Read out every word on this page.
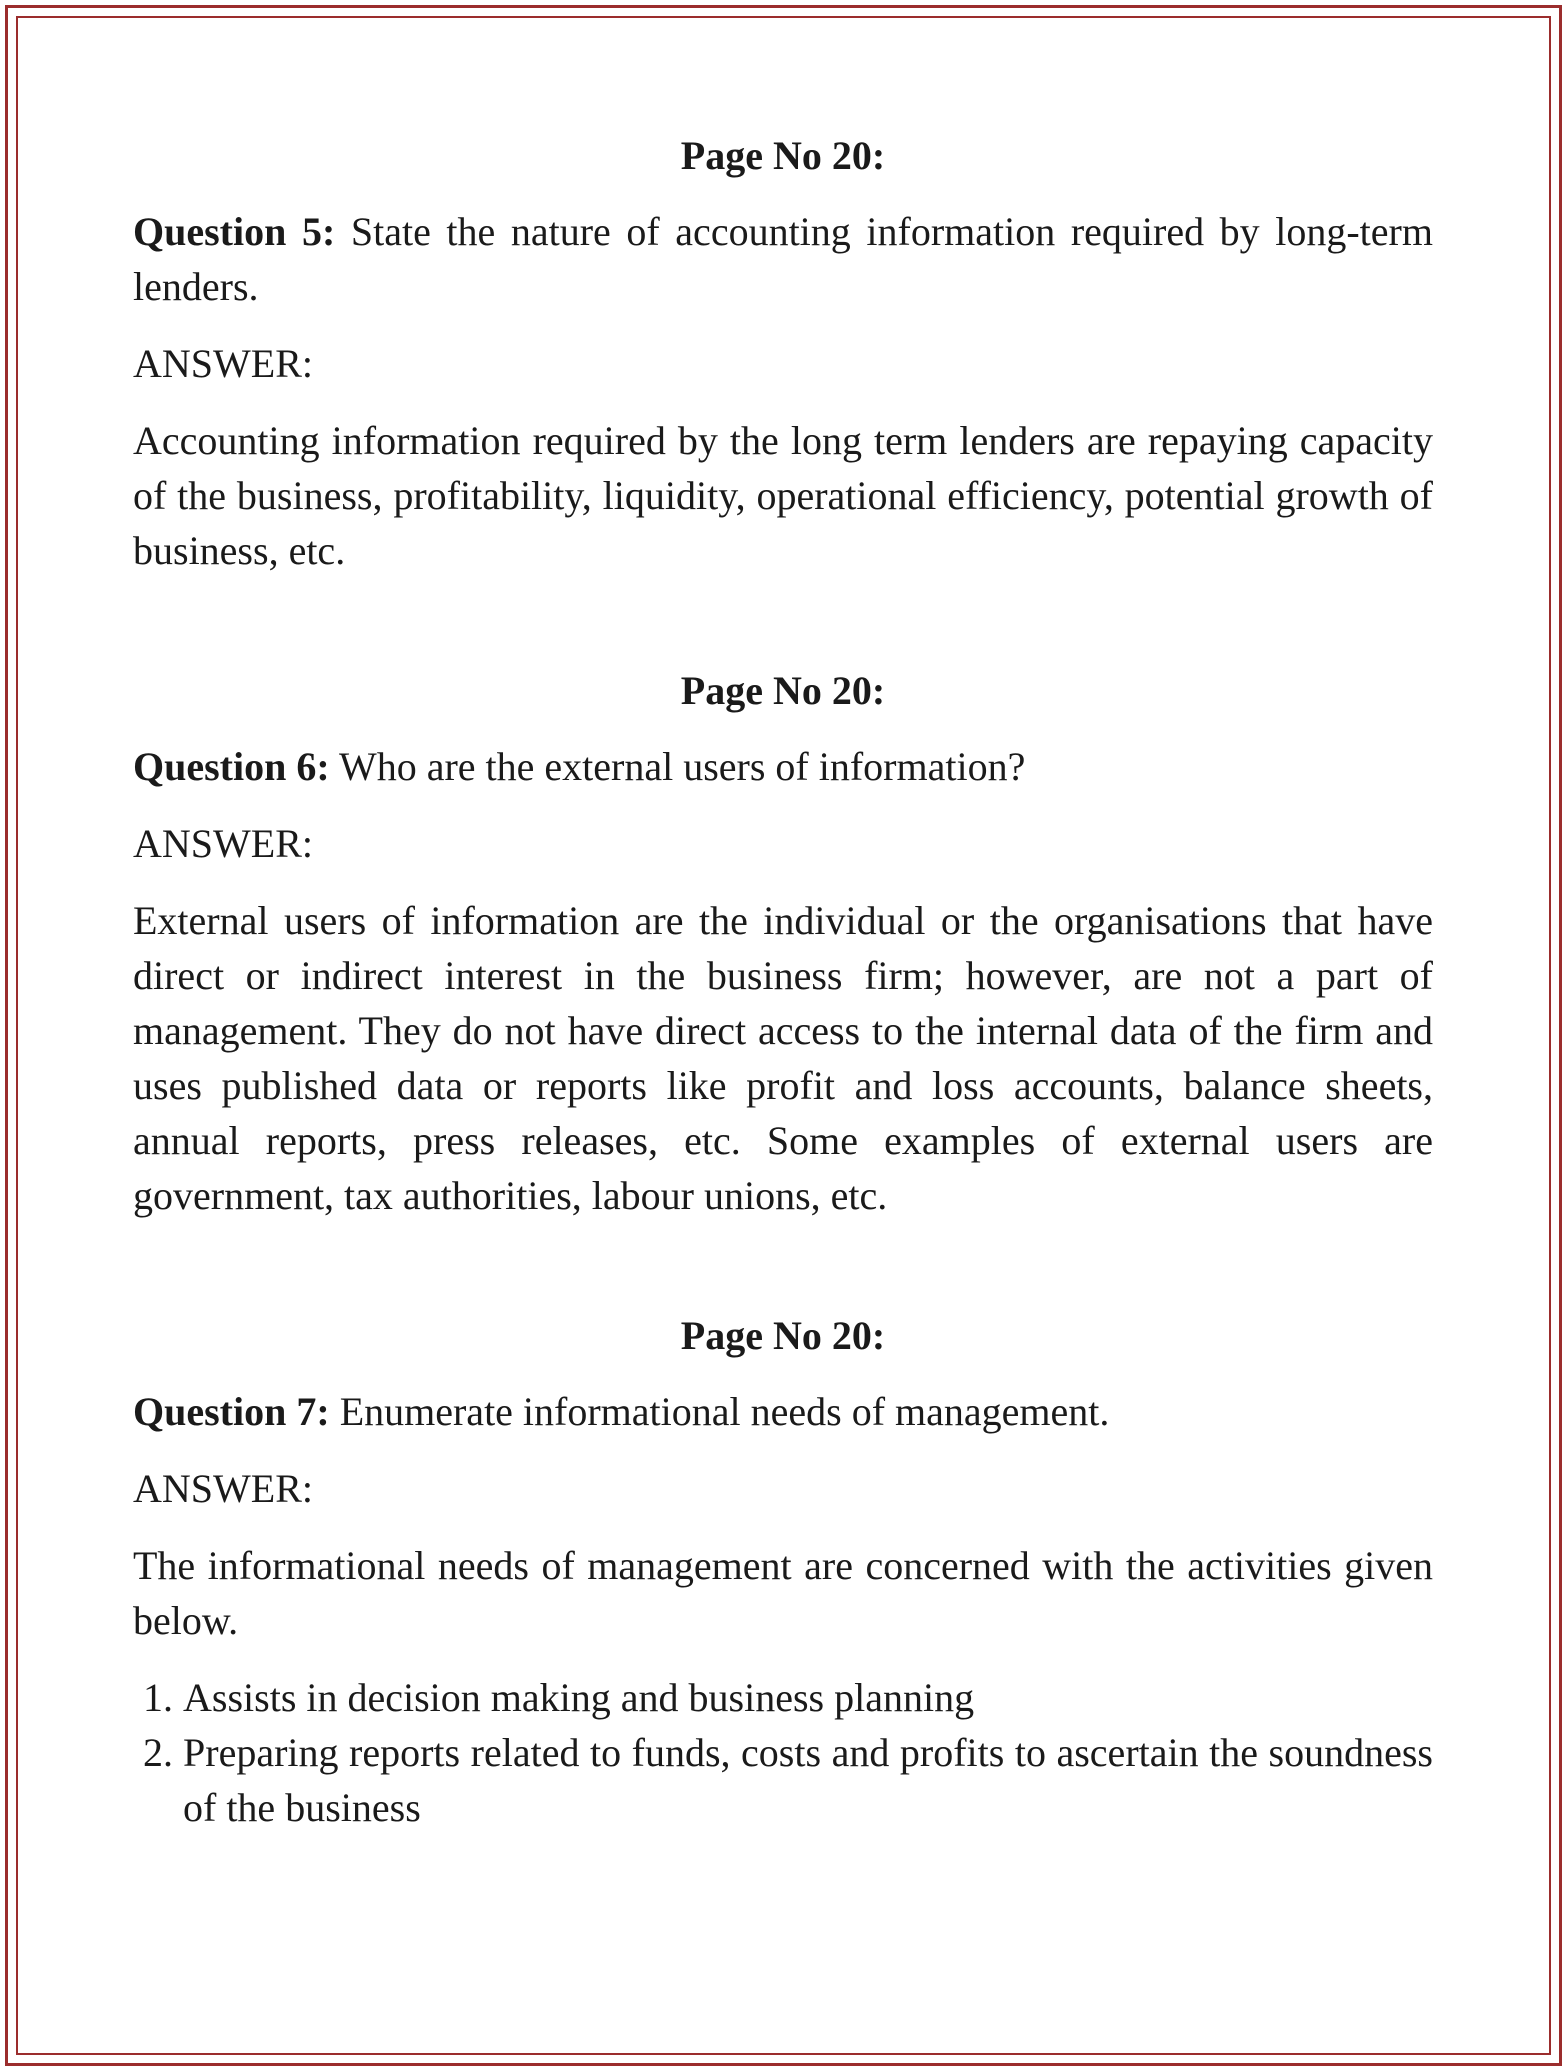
Page No 20:

Question 5: State the nature of accounting information required by long-term lenders.

ANSWER:

Accounting information required by the long term lenders are repaying capacity of the business, profitability, liquidity, operational efficiency, potential growth of business, etc.

Page No 20:

Question 6: Who are the external users of information?

ANSWER:

External users of information are the individual or the organisations that have direct or indirect interest in the business firm; however, are not a part of management. They do not have direct access to the internal data of the firm and uses published data or reports like profit and loss accounts, balance sheets, annual reports, press releases, etc. Some examples of external users are government, tax authorities, labour unions, etc.

Page No 20:

Question 7: Enumerate informational needs of management.

ANSWER:

The informational needs of management are concerned with the activities given below.

1. Assists in decision making and business planning
2. Preparing reports related to funds, costs and profits to ascertain the soundness of the business
